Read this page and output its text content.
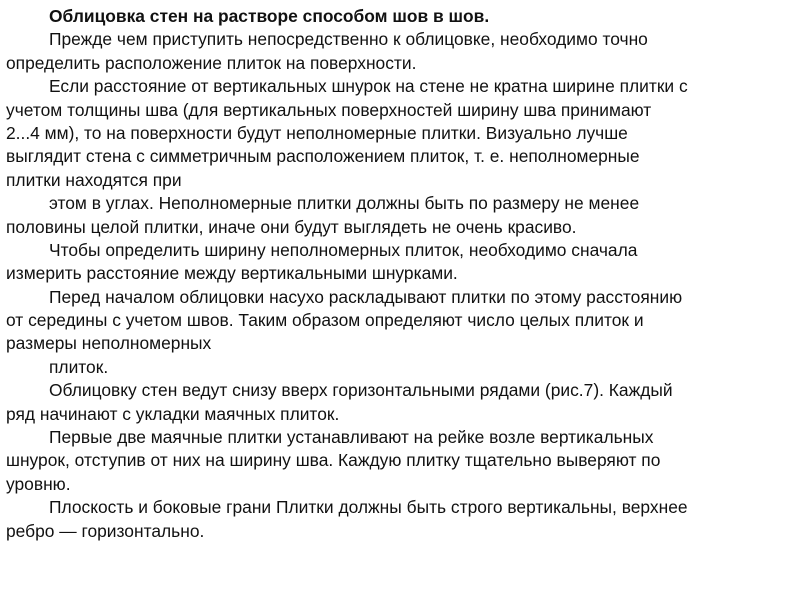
Облицовка стен на растворе способом шов в шов.
Прежде чем приступить непосредственно к облицовке, необходимо точно
определить расположение плиток на поверхности.
Если расстояние от вертикальных шнурок на стене не кратна ширине плитки с
учетом толщины шва (для вертикальных поверхностей ширину шва принимают
2...4 мм), то на поверхности будут неполномерные плитки. Визуально лучше
выглядит стена с симметричным расположением плиток, т. е. неполномерные
плитки находятся при
этом в углах. Неполномерные плитки должны быть по размеру не менее
половины целой плитки, иначе они будут выглядеть не очень красиво.
Чтобы определить ширину неполномерных плиток, необходимо сначала
измерить расстояние между вертикальными шнурками.
Перед началом облицовки насухо раскладывают плитки по этому расстоянию
от середины с учетом швов. Таким образом определяют число целых плиток и
размеры неполномерных
плиток.
Облицовку стен ведут снизу вверх горизонтальными рядами (рис.7). Каждый
ряд начинают с укладки маячных плиток.
Первые две маячные плитки устанавливают на рейке возле вертикальных
шнурок, отступив от них на ширину шва. Каждую плитку тщательно выверяют по
уровню.
Плоскость и боковые грани Плитки должны быть строго вертикальны, верхнее
ребро — горизонтально.
